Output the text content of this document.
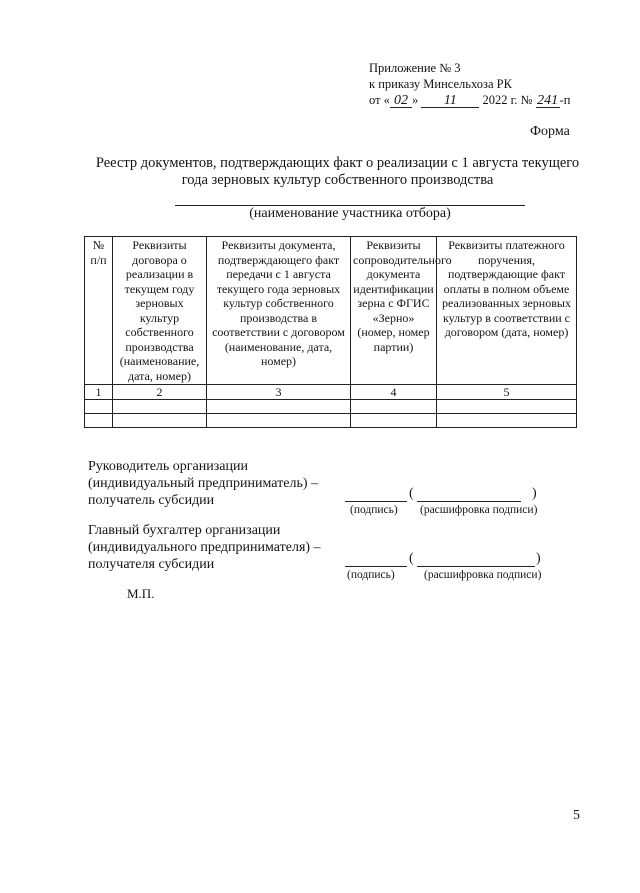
Приложение № 3
к приказу Минсельхоза РК
от « 02 » 11 2022 г. № 241 -п
Форма
Реестр документов, подтверждающих факт о реализации с 1 августа текущего
года зерновых культур собственного производства
(наименование участника отбора)
№ п/п	Реквизиты договора о реализации в текущем году зерновых культур собственного производства (наименование, дата, номер)	Реквизиты документа, подтверждающего факт передачи с 1 августа текущего года зерновых культур собственного производства в соответствии с договором (наименование, дата, номер)	Реквизиты сопроводительного документа идентификации зерна с ФГИС «Зерно» (номер, номер партии)	Реквизиты платежного поручения, подтверждающие факт оплаты в полном объеме реализованных зерновых культур в соответствии с договором (дата, номер)
1	2	3	4	5

Руководитель организации
(индивидуальный предприниматель) –
получатель субсидии	(	)
(подпись) (расшифровка подписи)
Главный бухгалтер организации
(индивидуального предпринимателя) –
получателя субсидии	(	)
(подпись)	(расшифровка подписи)
М.П.
5
